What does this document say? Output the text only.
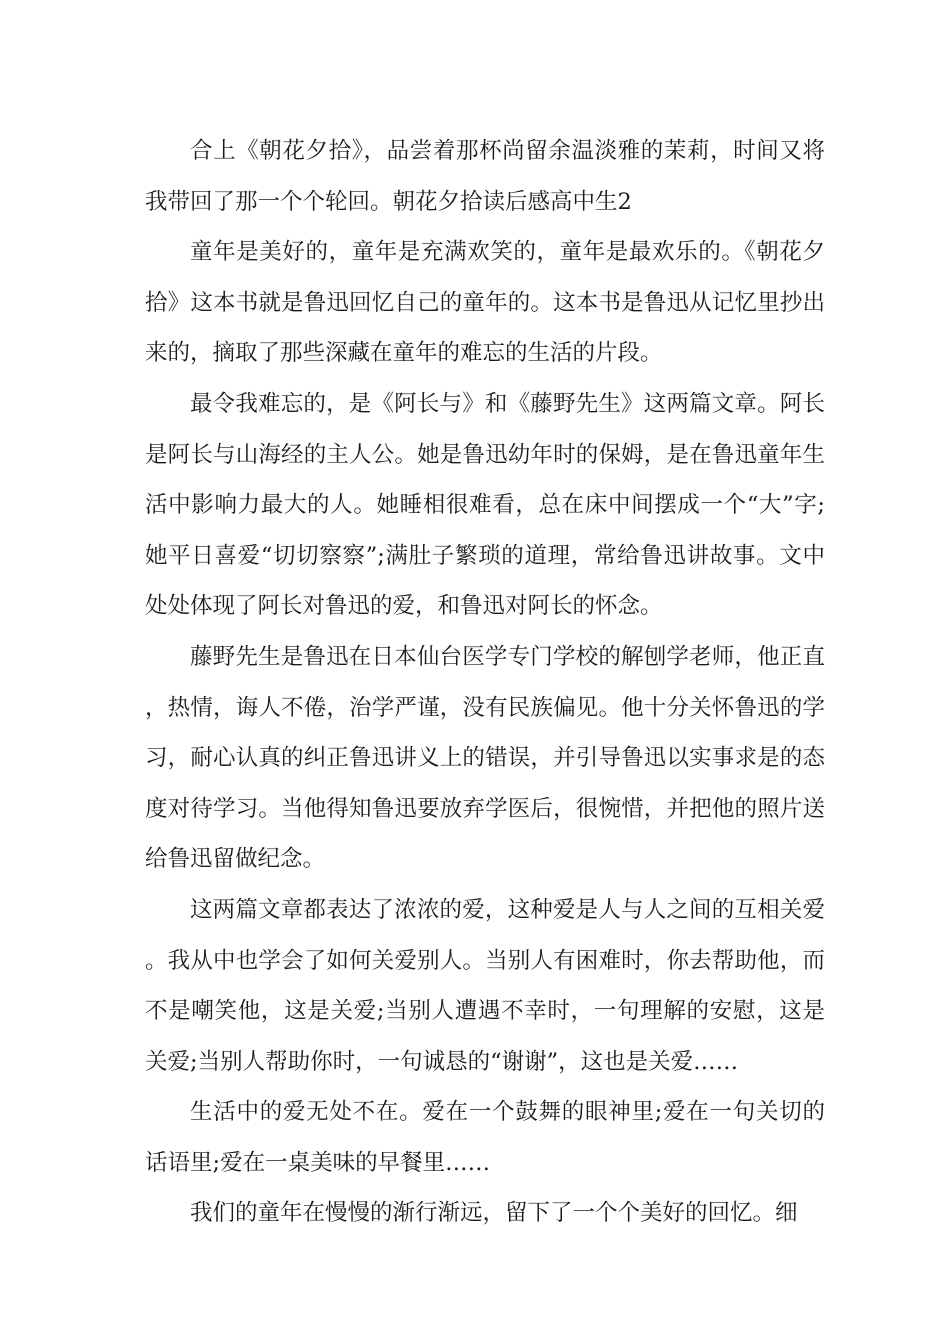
合上《朝花夕拾》，品尝着那杯尚留余温淡雅的茉莉，时间又将我带回了那一个个轮回。朝花夕拾读后感高中生2

童年是美好的，童年是充满欢笑的，童年是最欢乐的。《朝花夕拾》这本书就是鲁迅回忆自己的童年的。这本书是鲁迅从记忆里抄出来的，摘取了那些深藏在童年的难忘的生活的片段。

最令我难忘的，是《阿长与》和《藤野先生》这两篇文章。阿长是阿长与山海经的主人公。她是鲁迅幼年时的保姆，是在鲁迅童年生活中影响力最大的人。她睡相很难看，总在床中间摆成一个“大”字;她平日喜爱“切切察察”;满肚子繁琐的道理，常给鲁迅讲故事。文中处处体现了阿长对鲁迅的爱，和鲁迅对阿长的怀念。

藤野先生是鲁迅在日本仙台医学专门学校的解刨学老师，他正直，热情，诲人不倦，治学严谨，没有民族偏见。他十分关怀鲁迅的学习，耐心认真的纠正鲁迅讲义上的错误，并引导鲁迅以实事求是的态度对待学习。当他得知鲁迅要放弃学医后，很惋惜，并把他的照片送给鲁迅留做纪念。

这两篇文章都表达了浓浓的爱，这种爱是人与人之间的互相关爱。我从中也学会了如何关爱别人。当别人有困难时，你去帮助他，而不是嘲笑他，这是关爱;当别人遭遇不幸时，一句理解的安慰，这是关爱;当别人帮助你时，一句诚恳的“谢谢”，这也是关爱……

生活中的爱无处不在。爱在一个鼓舞的眼神里;爱在一句关切的话语里;爱在一桌美味的早餐里……

我们的童年在慢慢的渐行渐远，留下了一个个美好的回忆。细
